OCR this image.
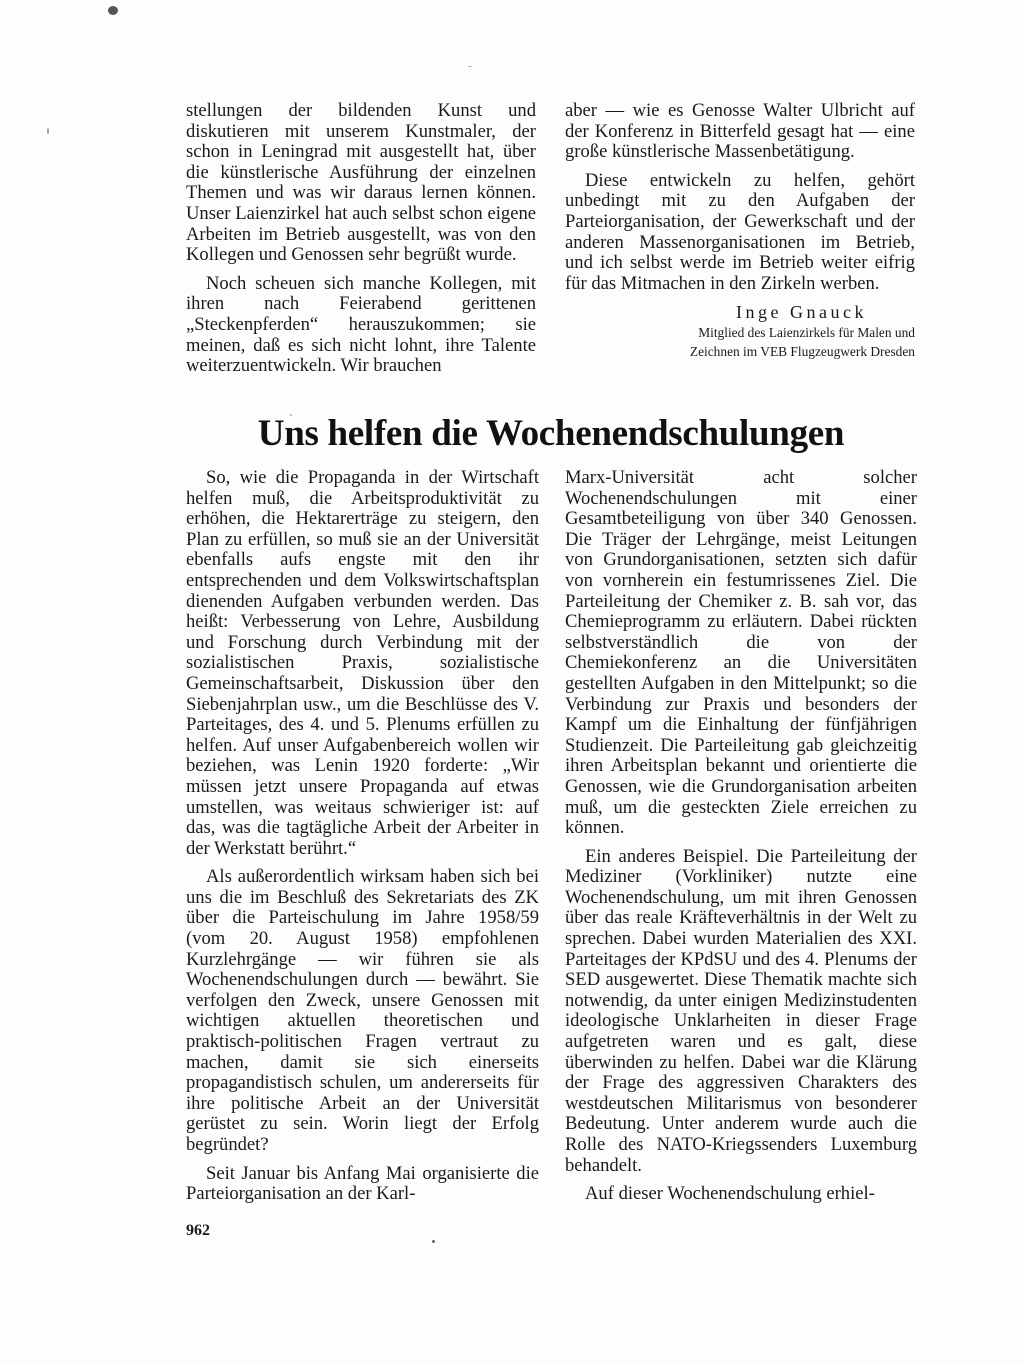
stellungen der bildenden Kunst und diskutieren mit unserem Kunstmaler, der schon in Leningrad mit ausgestellt hat, über die künstlerische Ausführung der einzelnen Themen und was wir daraus lernen können. Unser Laienzirkel hat auch selbst schon eigene Arbeiten im Betrieb ausgestellt, was von den Kollegen und Genossen sehr begrüßt wurde.

Noch scheuen sich manche Kollegen, mit ihren nach Feierabend gerittenen „Steckenpferden“ herauszukommen; sie meinen, daß es sich nicht lohnt, ihre Talente weiterzuentwickeln. Wir brauchen

aber — wie es Genosse Walter Ulbricht auf der Konferenz in Bitterfeld gesagt hat — eine große künstlerische Massenbetätigung.

Diese entwickeln zu helfen, gehört unbedingt mit zu den Aufgaben der Parteiorganisation, der Gewerkschaft und der anderen Massenorganisationen im Betrieb, und ich selbst werde im Betrieb weiter eifrig für das Mitmachen in den Zirkeln werben.

Inge Gnauck
Mitglied des Laienzirkels für Malen und
Zeichnen im VEB Flugzeugwerk Dresden
Uns helfen die Wochenendschulungen

So, wie die Propaganda in der Wirtschaft helfen muß, die Arbeitsproduktivität zu erhöhen, die Hektarerträge zu steigern, den Plan zu erfüllen, so muß sie an der Universität ebenfalls aufs engste mit den ihr entsprechenden und dem Volkswirtschaftsplan dienenden Aufgaben verbunden werden. Das heißt: Verbesserung von Lehre, Ausbildung und Forschung durch Verbindung mit der sozialistischen Praxis, sozialistische Gemeinschaftsarbeit, Diskussion über den Siebenjahrplan usw., um die Beschlüsse des V. Parteitages, des 4. und 5. Plenums erfüllen zu helfen. Auf unser Aufgabenbereich wollen wir beziehen, was Lenin 1920 forderte: „Wir müssen jetzt unsere Propaganda auf etwas umstellen, was weitaus schwieriger ist: auf das, was die tagtägliche Arbeit der Arbeiter in der Werkstatt berührt.“

Als außerordentlich wirksam haben sich bei uns die im Beschluß des Sekretariats des ZK über die Parteischulung im Jahre 1958/59 (vom 20. August 1958) empfohlenen Kurzlehrgänge — wir führen sie als Wochenendschulungen durch — bewährt. Sie verfolgen den Zweck, unsere Genossen mit wichtigen aktuellen theoretischen und praktisch-politischen Fragen vertraut zu machen, damit sie sich einerseits propagandistisch schulen, um andererseits für ihre politische Arbeit an der Universität gerüstet zu sein. Worin liegt der Erfolg begründet?

Seit Januar bis Anfang Mai organisierte die Parteiorganisation an der Karl-

Marx-Universität acht solcher Wochenendschulungen mit einer Gesamtbeteiligung von über 340 Genossen. Die Träger der Lehrgänge, meist Leitungen von Grundorganisationen, setzten sich dafür von vornherein ein festumrissenes Ziel. Die Parteileitung der Chemiker z. B. sah vor, das Chemieprogramm zu erläutern. Dabei rückten selbstverständlich die von der Chemiekonferenz an die Universitäten gestellten Aufgaben in den Mittelpunkt; so die Verbindung zur Praxis und besonders der Kampf um die Einhaltung der fünfjährigen Studienzeit. Die Parteileitung gab gleichzeitig ihren Arbeitsplan bekannt und orientierte die Genossen, wie die Grundorganisation arbeiten muß, um die gesteckten Ziele erreichen zu können.

Ein anderes Beispiel. Die Parteileitung der Mediziner (Vorkliniker) nutzte eine Wochenendschulung, um mit ihren Genossen über das reale Kräfteverhältnis in der Welt zu sprechen. Dabei wurden Materialien des XXI. Parteitages der KPdSU und des 4. Plenums der SED ausgewertet. Diese Thematik machte sich notwendig, da unter einigen Medizinstudenten ideologische Unklarheiten in dieser Frage aufgetreten waren und es galt, diese überwinden zu helfen. Dabei war die Klärung der Frage des aggressiven Charakters des westdeutschen Militarismus von besonderer Bedeutung. Unter anderem wurde auch die Rolle des NATO-Kriegssenders Luxemburg behandelt.

Auf dieser Wochenendschulung erhiel-

962
